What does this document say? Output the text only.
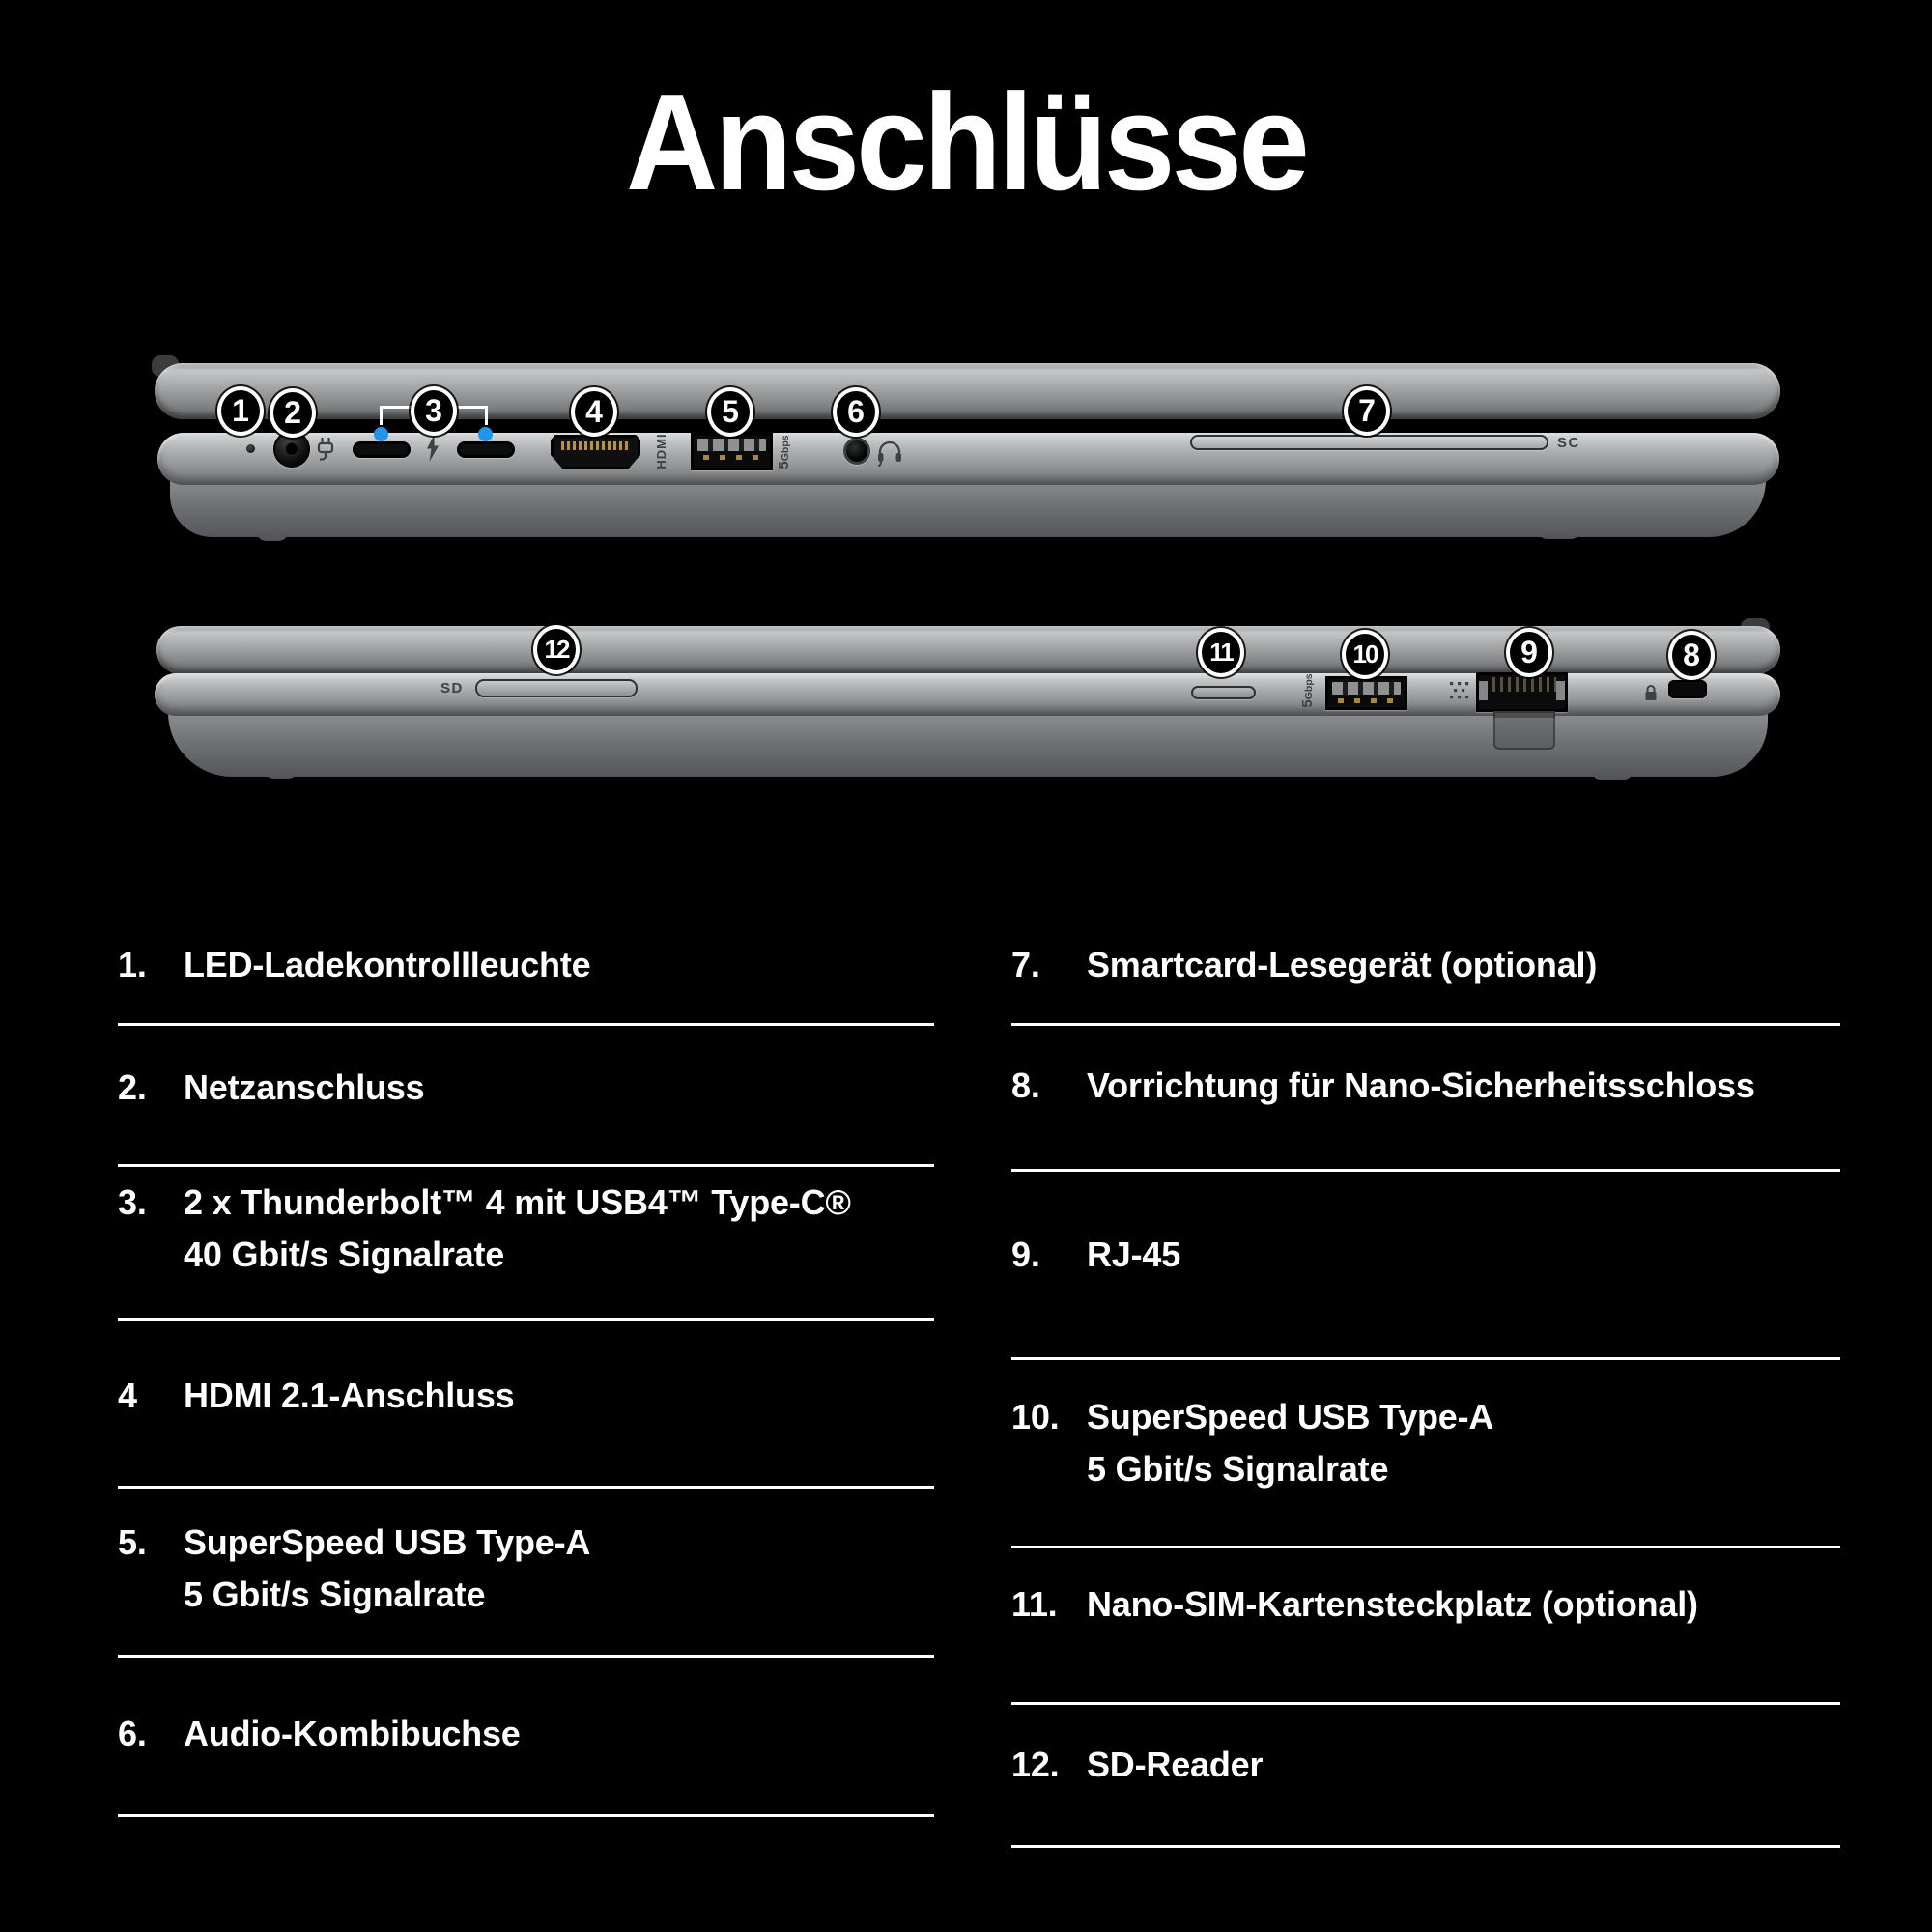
Anschlüsse
HDMI	5Gbps	SC
1 2	3	4	5	6	7
SD
5Gbps
12	11	10	9	8
1.	LED-Ladekontrollleuchte
2.	Netzanschluss
3.	2 x Thunderbolt™ 4 mit USB4™ Type-C®
40 Gbit/s Signalrate
4	HDMI 2.1-Anschluss
5.	SuperSpeed USB Type-A
5 Gbit/s Signalrate
6.	Audio-Kombibuchse
7.	Smartcard-Lesegerät (optional)
8.	Vorrichtung für Nano-Sicherheitsschloss
9.	RJ-45
10. SuperSpeed USB Type-A
5 Gbit/s Signalrate
11. Nano-SIM-Kartensteckplatz (optional)
12. SD-Reader
